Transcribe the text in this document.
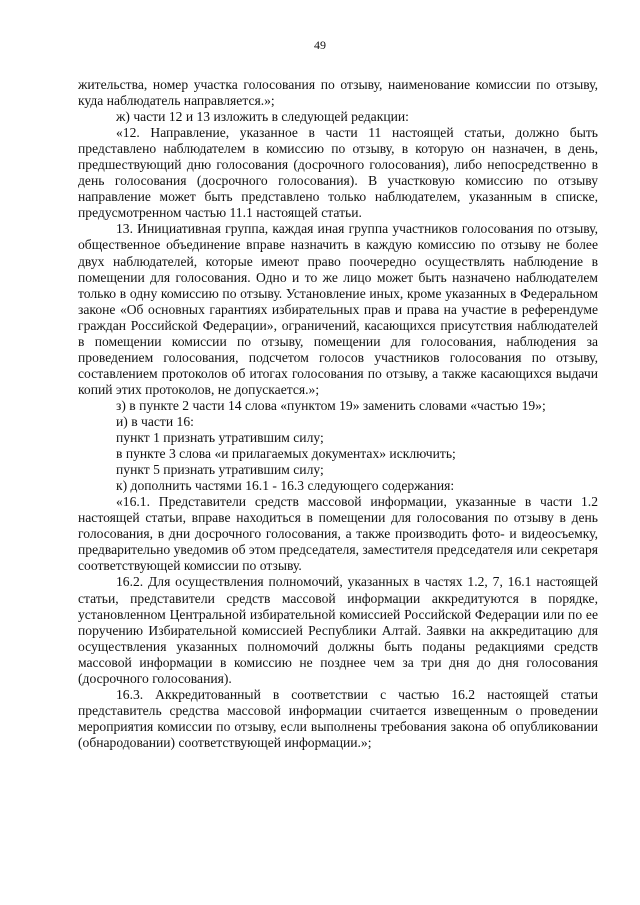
49

жительства, номер участка голосования по отзыву, наименование комиссии по отзыву, куда наблюдатель направляется.»;

ж) части 12 и 13 изложить в следующей редакции:

«12. Направление, указанное в части 11 настоящей статьи, должно быть представлено наблюдателем в комиссию по отзыву, в которую он назначен, в день, предшествующий дню голосования (досрочного голосования), либо непосредственно в день голосования (досрочного голосования). В участковую комиссию по отзыву направление может быть представлено только наблюдателем, указанным в списке, предусмотренном частью 11.1 настоящей статьи.

13. Инициативная группа, каждая иная группа участников голосования по отзыву, общественное объединение вправе назначить в каждую комиссию по отзыву не более двух наблюдателей, которые имеют право поочередно осуществлять наблюдение в помещении для голосования. Одно и то же лицо может быть назначено наблюдателем только в одну комиссию по отзыву. Установление иных, кроме указанных в Федеральном законе «Об основных гарантиях избирательных прав и права на участие в референдуме граждан Российской Федерации», ограничений, касающихся присутствия наблюдателей в помещении комиссии по отзыву, помещении для голосования, наблюдения за проведением голосования, подсчетом голосов участников голосования по отзыву, составлением протоколов об итогах голосования по отзыву, а также касающихся выдачи копий этих протоколов, не допускается.»;

з) в пункте 2 части 14 слова «пунктом 19» заменить словами «частью 19»;

и) в части 16:

пункт 1 признать утратившим силу;

в пункте 3 слова «и прилагаемых документах» исключить;

пункт 5 признать утратившим силу;

к) дополнить частями 16.1 - 16.3 следующего содержания:

«16.1. Представители средств массовой информации, указанные в части 1.2 настоящей статьи, вправе находиться в помещении для голосования по отзыву в день голосования, в дни досрочного голосования, а также производить фото- и видеосъемку, предварительно уведомив об этом председателя, заместителя председателя или секретаря соответствующей комиссии по отзыву.

16.2. Для осуществления полномочий, указанных в частях 1.2, 7, 16.1 настоящей статьи, представители средств массовой информации аккредитуются в порядке, установленном Центральной избирательной комиссией Российской Федерации или по ее поручению Избирательной комиссией Республики Алтай. Заявки на аккредитацию для осуществления указанных полномочий должны быть поданы редакциями средств массовой информации в комиссию не позднее чем за три дня до дня голосования (досрочного голосования).

16.3. Аккредитованный в соответствии с частью 16.2 настоящей статьи представитель средства массовой информации считается извещенным о проведении мероприятия комиссии по отзыву, если выполнены требования закона об опубликовании (обнародовании) соответствующей информации.»;
